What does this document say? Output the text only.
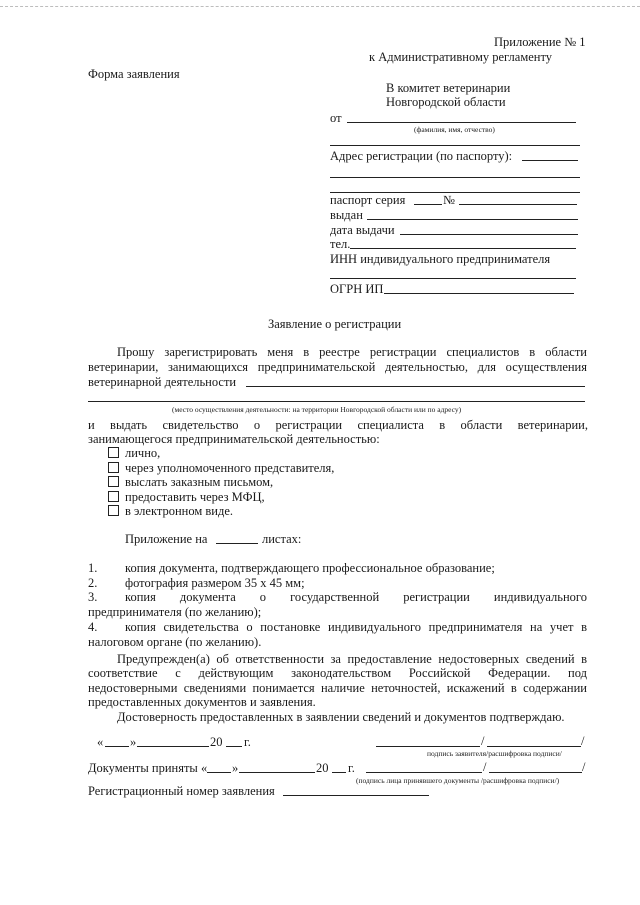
Приложение № 1
к Административному регламенту
Форма заявления
В комитет ветеринарии
Новгородской области
от
(фамилия, имя, отчество)
Адрес регистрации (по паспорту):
паспорт серия	№
выдан
дата выдачи
тел.
ИНН индивидуального предпринимателя
ОГРН ИП
Заявление о регистрации
Прошу зарегистрировать меня в реестре регистрации специалистов в области
ветеринарии, занимающихся предпринимательской деятельностью, для осуществления
ветеринарной деятельности
(место осуществления деятельности: на территории Новгородской области или по адресу)
и выдать свидетельство о регистрации специалиста в области ветеринарии,
занимающегося предпринимательской деятельностью:
лично,
через уполномоченного представителя,
выслать заказным письмом,
предоставить через МФЦ,
в электронном виде.
Приложение на	листах:
1. копия документа, подтверждающего профессиональное образование;
2. фотография размером 35 х 45 мм;
3. копия документа о государственной регистрации индивидуального
предпринимателя (по желанию);
4. копия свидетельства о постановке индивидуального предпринимателя на учет в
налоговом органе (по желанию).
Предупрежден(а) об ответственности за предоставление недостоверных сведений в
соответствие с действующим законодательством Российской Федерации. под
недостоверными сведениями понимается наличие неточностей, искажений в содержании
предоставленных документов и заявления.
Достоверность предоставленных в заявлении сведений и документов подтверждаю.
« »	20 г.	/	/
подпись заявителя/расшифровка подписи/
Документы приняты « »	20 г.	/	/
(подпись лица принявшего документы /расшифровка подписи/)
Регистрационный номер заявления
